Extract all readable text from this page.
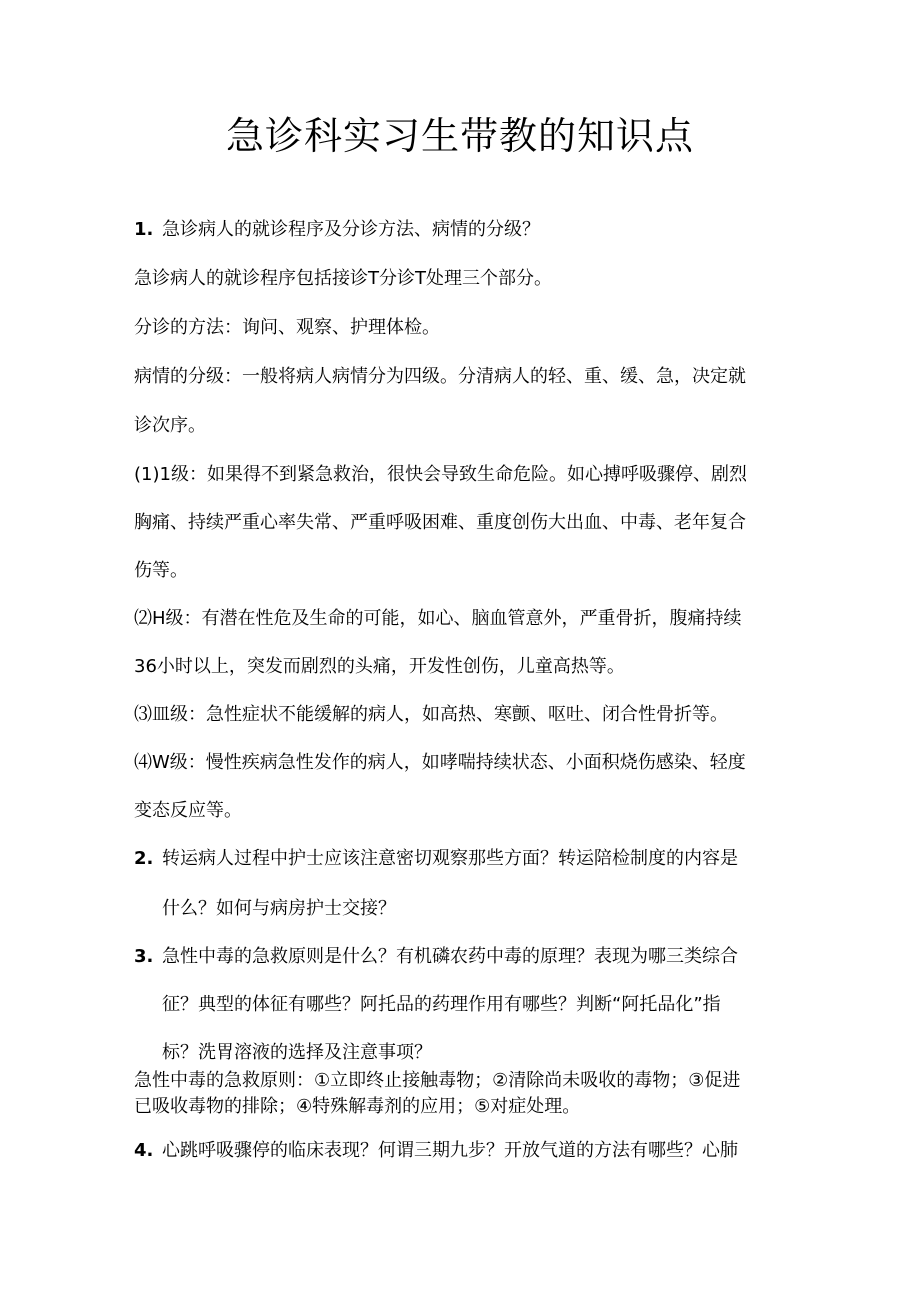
急诊科实习生带教的知识点

1. 急诊病人的就诊程序及分诊方法、病情的分级？

急诊病人的就诊程序包括接诊T分诊T处理三个部分。

分诊的方法：询问、观察、护理体检。

病情的分级：一般将病人病情分为四级。分清病人的轻、重、缓、急，决定就

诊次序。

(1)1级：如果得不到紧急救治，很快会导致生命危险。如心搏呼吸骤停、剧烈

胸痛、持续严重心率失常、严重呼吸困难、重度创伤大出血、中毒、老年复合

伤等。

⑵H级：有潜在性危及生命的可能，如心、脑血管意外，严重骨折，腹痛持续

36小时以上，突发而剧烈的头痛，开发性创伤，儿童高热等。

⑶皿级：急性症状不能缓解的病人，如高热、寒颤、呕吐、闭合性骨折等。

⑷W级：慢性疾病急性发作的病人，如哮喘持续状态、小面积烧伤感染、轻度

变态反应等。

2. 转运病人过程中护士应该注意密切观察那些方面？转运陪检制度的内容是

什么？如何与病房护士交接？

3. 急性中毒的急救原则是什么？有机磷农药中毒的原理？表现为哪三类综合

征？典型的体征有哪些？阿托品的药理作用有哪些？判断“阿托品化”指

标？洗胃溶液的选择及注意事项？

急性中毒的急救原则：①立即终止接触毒物；②清除尚未吸收的毒物；③促进

已吸收毒物的排除；④特殊解毒剂的应用；⑤对症处理。

4. 心跳呼吸骤停的临床表现？何谓三期九步？开放气道的方法有哪些？心肺
